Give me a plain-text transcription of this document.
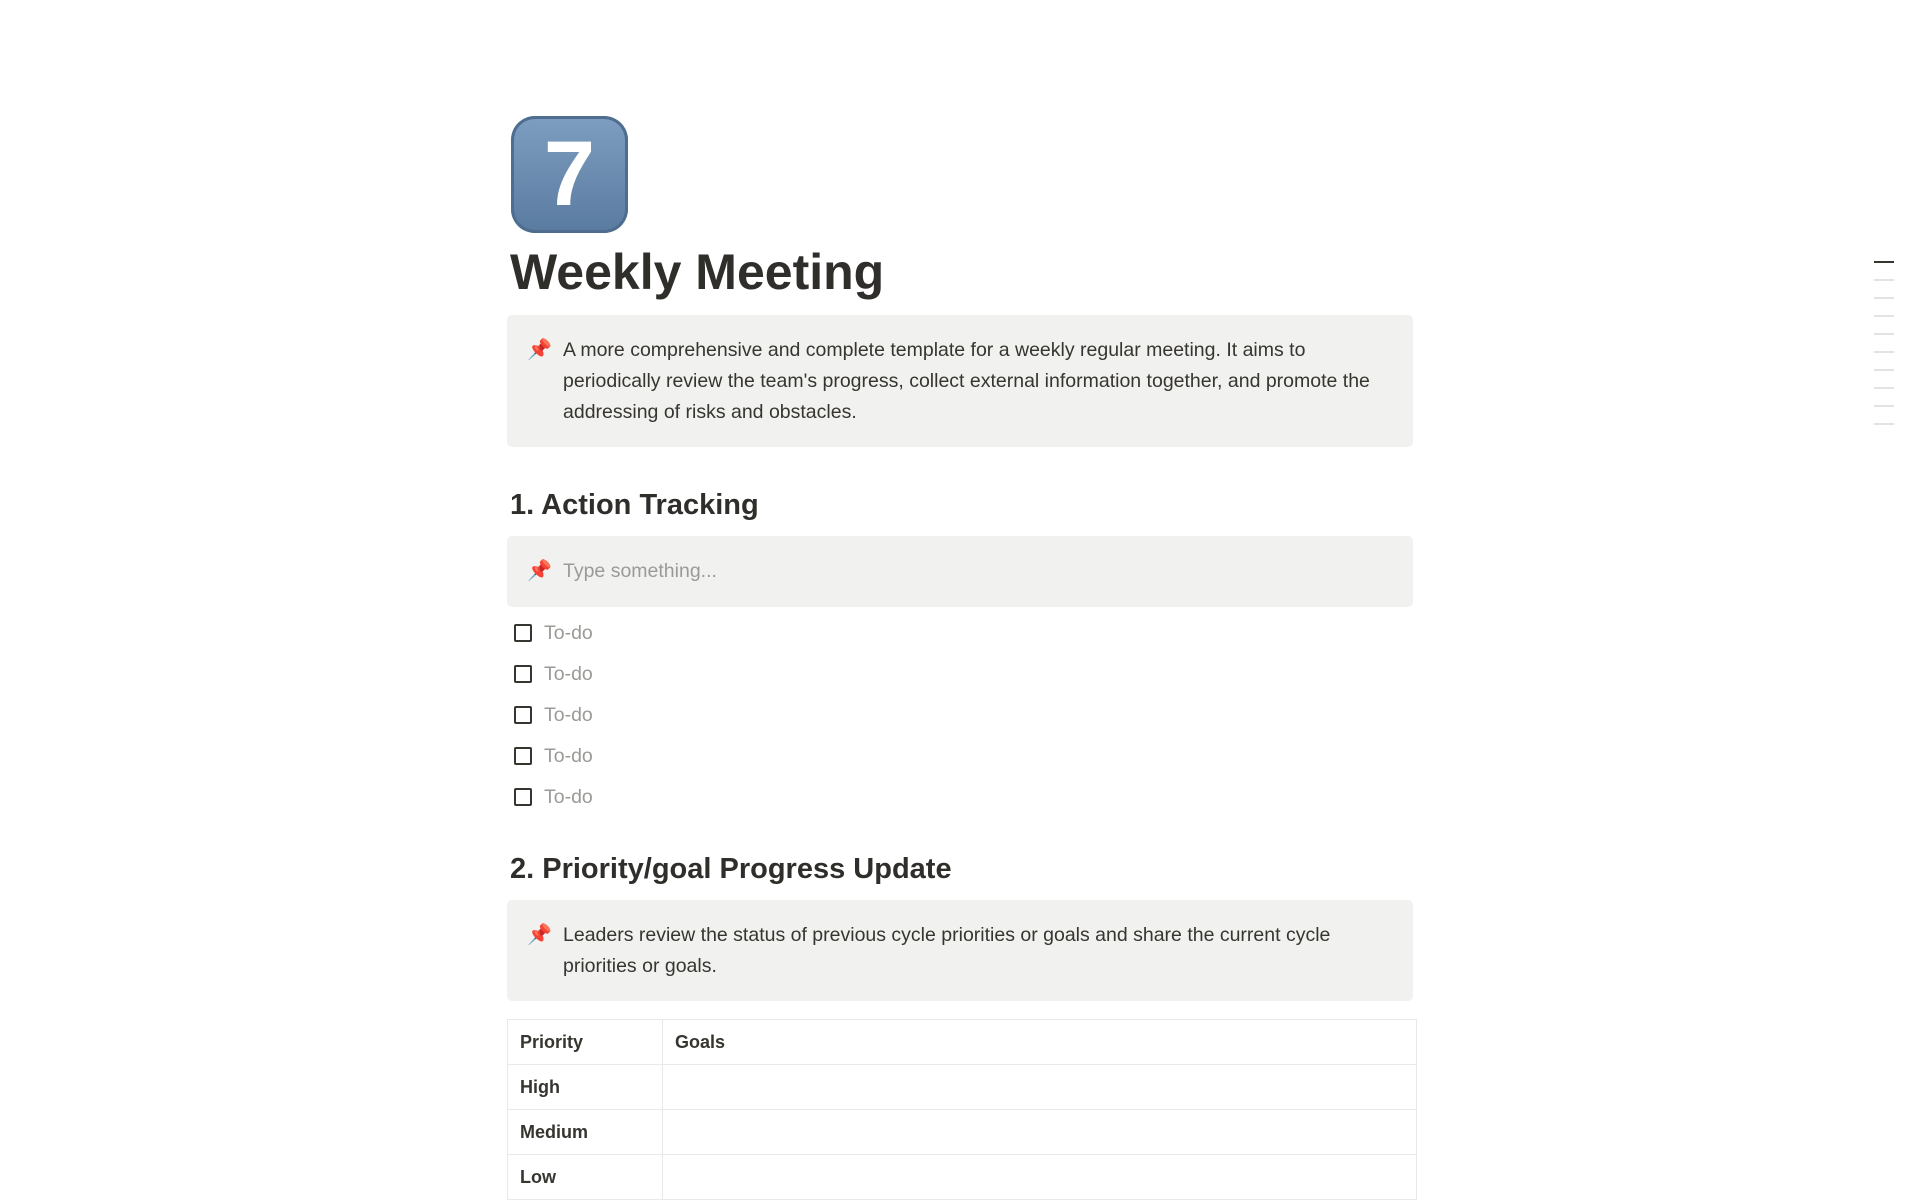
7
Weekly Meeting
📌 A more comprehensive and complete template for a weekly regular meeting. It aims to periodically review the team's progress, collect external information together, and promote the addressing of risks and obstacles.
1. Action Tracking
📌 Type something...
To-do
To-do
To-do
To-do
To-do
2. Priority/goal Progress Update
📌 Leaders review the status of previous cycle priorities or goals and share the current cycle priorities or goals.
Priority	Goals
High	
Medium	
Low	
